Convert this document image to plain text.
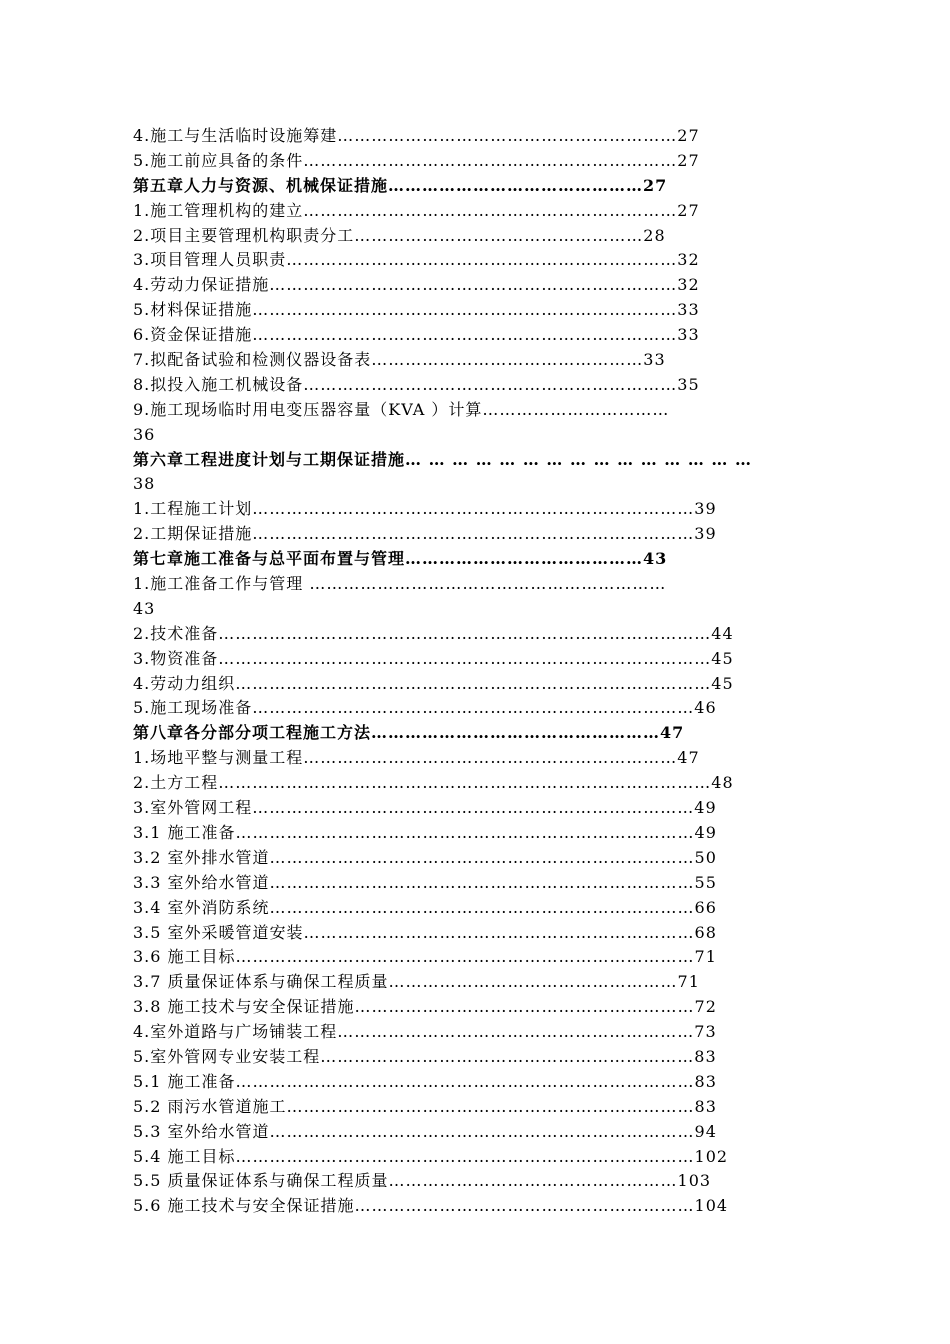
4.施工与生活临时设施筹建……………………………………………………27
5.施工前应具备的条件…………………………………………………………27
第五章人力与资源、机械保证措施………………………………………27
1.施工管理机构的建立…………………………………………………………27
2.项目主要管理机构职责分工……………………………………………28
3.项目管理人员职责……………………………………………………………32
4.劳动力保证措施………………………………………………………………32
5.材料保证措施…………………………………………………………………33
6.资金保证措施…………………………………………………………………33
7.拟配备试验和检测仪器设备表…………………………………………33
8.拟投入施工机械设备…………………………………………………………35
9.施工现场临时用电变压器容量（KVA ）计算……………………………
36
第六章工程进度计划与工期保证措施… … … … … … … … … … … … … … …
38
1.工程施工计划……………………………………………………………………39
2.工期保证措施……………………………………………………………………39
第七章施工准备与总平面布置与管理……………………………………43
1.施工准备工作与管理 ………………………………………………………
43
2.技术准备……………………………………………………………………………44
3.物资准备……………………………………………………………………………45
4.劳动力组织…………………………………………………………………………45
5.施工现场准备……………………………………………………………………46
第八章各分部分项工程施工方法……………………………………………47
1.场地平整与测量工程…………………………………………………………47
2.土方工程……………………………………………………………………………48
3.室外管网工程……………………………………………………………………49
3.1 施工准备………………………………………………………………………49
3.2 室外排水管道…………………………………………………………………50
3.3 室外给水管道…………………………………………………………………55
3.4 室外消防系统…………………………………………………………………66
3.5 室外采暖管道安装……………………………………………………………68
3.6 施工目标………………………………………………………………………71
3.7 质量保证体系与确保工程质量……………………………………………71
3.8 施工技术与安全保证措施……………………………………………………72
4.室外道路与广场铺装工程………………………………………………………73
5.室外管网专业安装工程…………………………………………………………83
5.1 施工准备………………………………………………………………………83
5.2 雨污水管道施工………………………………………………………………83
5.3 室外给水管道…………………………………………………………………94
5.4 施工目标………………………………………………………………………102
5.5 质量保证体系与确保工程质量……………………………………………103
5.6 施工技术与安全保证措施……………………………………………………104
